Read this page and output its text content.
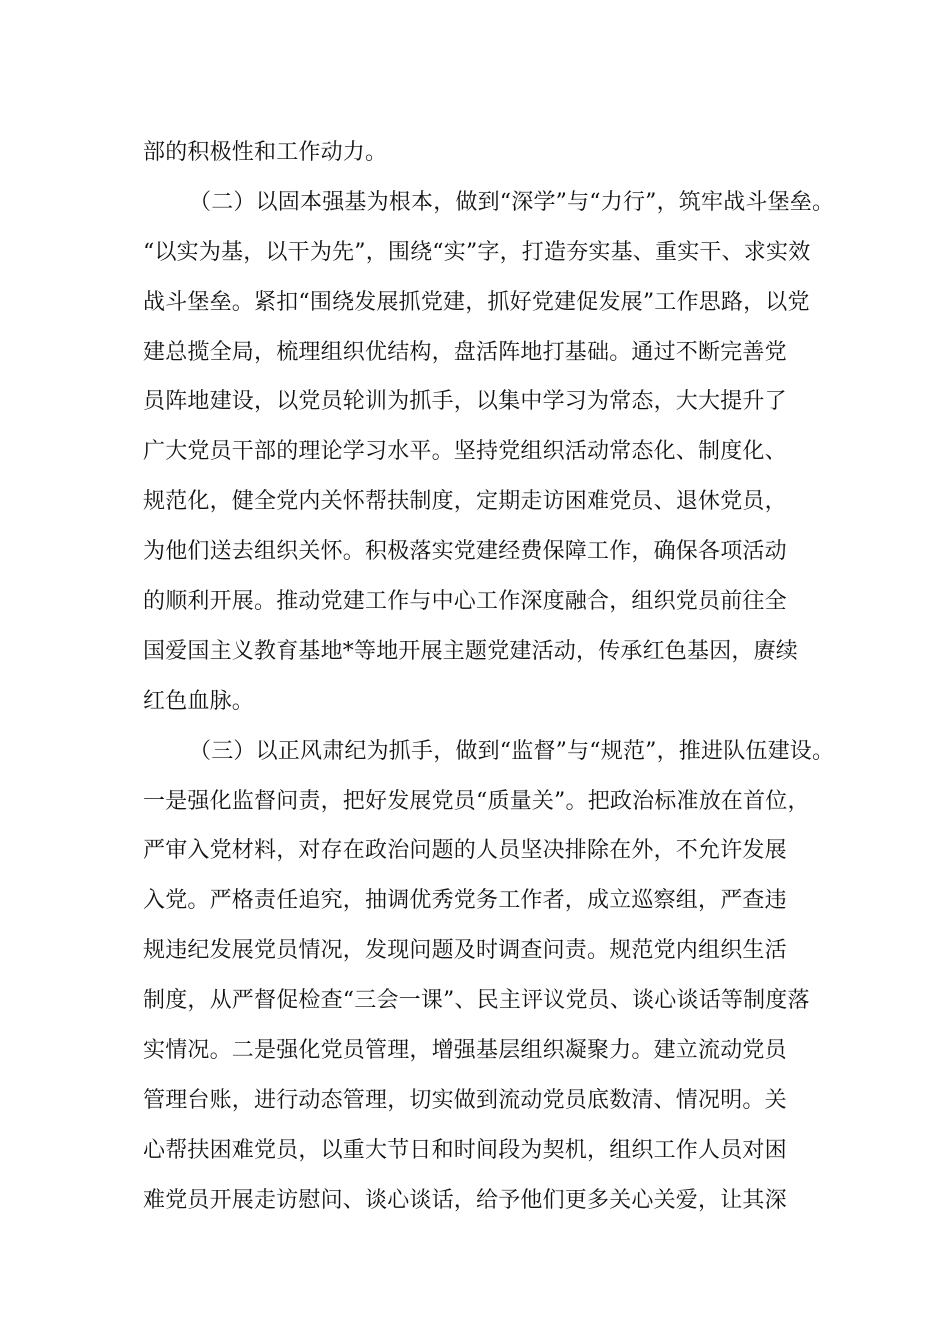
部的积极性和工作动力。
（二）以固本强基为根本，做到“深学”与“力行”，筑牢战斗堡垒。
“以实为基，以干为先”，围绕“实”字，打造夯实基、重实干、求实效
战斗堡垒。紧扣“围绕发展抓党建，抓好党建促发展”工作思路，以党
建总揽全局，梳理组织优结构，盘活阵地打基础。通过不断完善党
员阵地建设，以党员轮训为抓手，以集中学习为常态，大大提升了
广大党员干部的理论学习水平。坚持党组织活动常态化、制度化、
规范化，健全党内关怀帮扶制度，定期走访困难党员、退休党员，
为他们送去组织关怀。积极落实党建经费保障工作，确保各项活动
的顺利开展。推动党建工作与中心工作深度融合，组织党员前往全
国爱国主义教育基地*等地开展主题党建活动，传承红色基因，赓续
红色血脉。
（三）以正风肃纪为抓手，做到“监督”与“规范”，推进队伍建设。
一是强化监督问责，把好发展党员“质量关”。把政治标准放在首位，
严审入党材料，对存在政治问题的人员坚决排除在外，不允许发展
入党。严格责任追究，抽调优秀党务工作者，成立巡察组，严查违
规违纪发展党员情况，发现问题及时调查问责。规范党内组织生活
制度，从严督促检查“三会一课”、民主评议党员、谈心谈话等制度落
实情况。二是强化党员管理，增强基层组织凝聚力。建立流动党员
管理台账，进行动态管理，切实做到流动党员底数清、情况明。关
心帮扶困难党员，以重大节日和时间段为契机，组织工作人员对困
难党员开展走访慰问、谈心谈话，给予他们更多关心关爱，让其深
